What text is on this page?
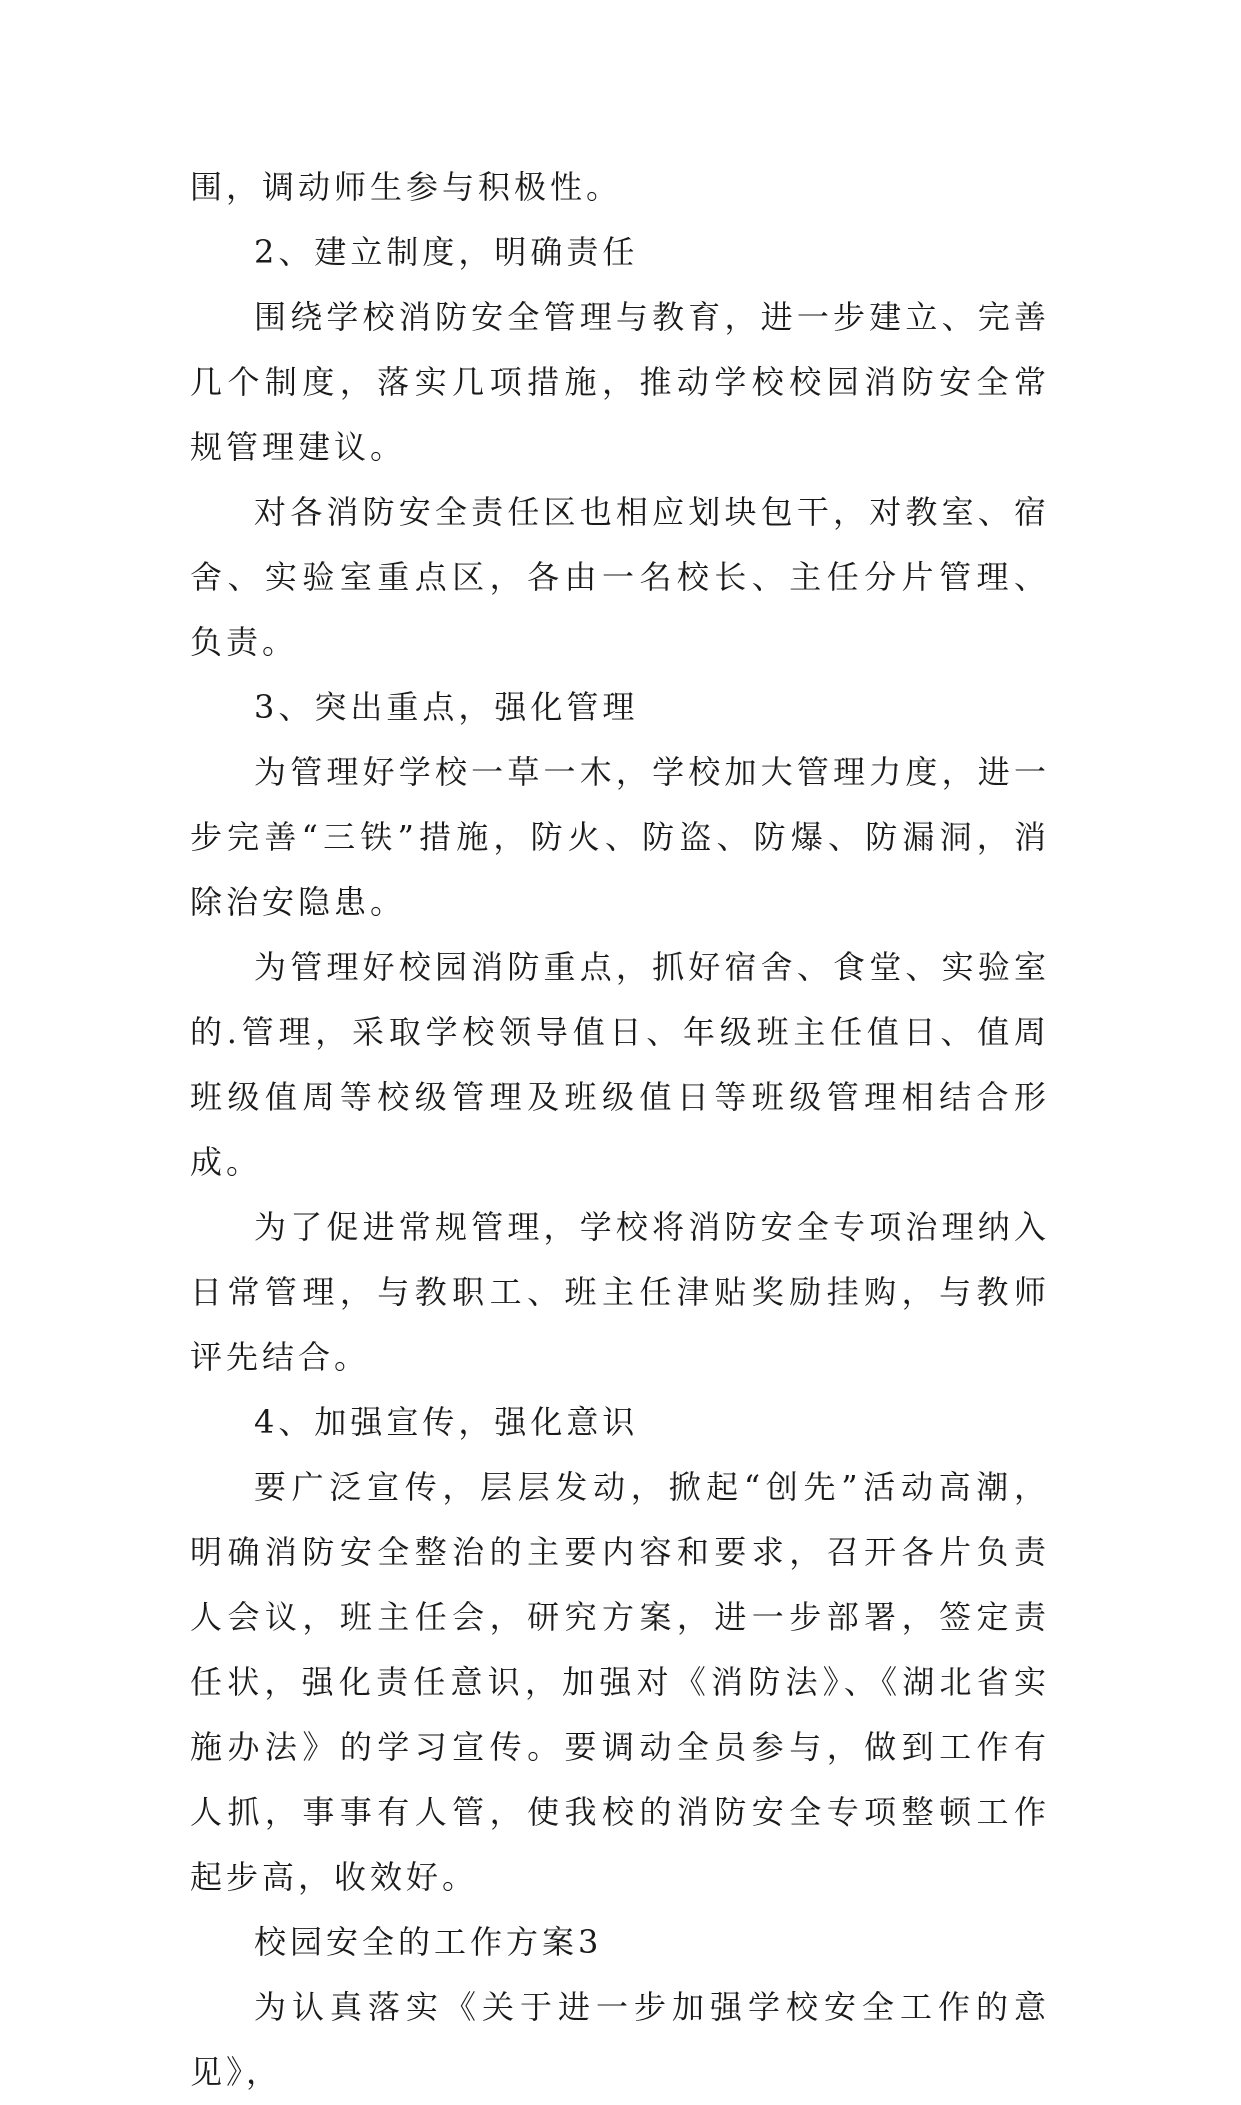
围，调动师生参与积极性。

2、建立制度，明确责任

围绕学校消防安全管理与教育，进一步建立、完善几个制度，落实几项措施，推动学校校园消防安全常规管理建议。

对各消防安全责任区也相应划块包干，对教室、宿舍、实验室重点区，各由一名校长、主任分片管理、负责。

3、突出重点，强化管理

为管理好学校一草一木，学校加大管理力度，进一步完善“三铁”措施，防火、防盗、防爆、防漏洞，消除治安隐患。

为管理好校园消防重点，抓好宿舍、食堂、实验室的.管理，采取学校领导值日、年级班主任值日、值周班级值周等校级管理及班级值日等班级管理相结合形成。

为了促进常规管理，学校将消防安全专项治理纳入日常管理，与教职工、班主任津贴奖励挂购，与教师评先结合。

4、加强宣传，强化意识

要广泛宣传，层层发动，掀起“创先”活动高潮，明确消防安全整治的主要内容和要求，召开各片负责人会议，班主任会，研究方案，进一步部署，签定责任状，强化责任意识，加强对《消防法》、《湖北省实施办法》的学习宣传。要调动全员参与，做到工作有人抓，事事有人管，使我校的消防安全专项整顿工作起步高，收效好。

校园安全的工作方案3

为认真落实《关于进一步加强学校安全工作的意见》，
